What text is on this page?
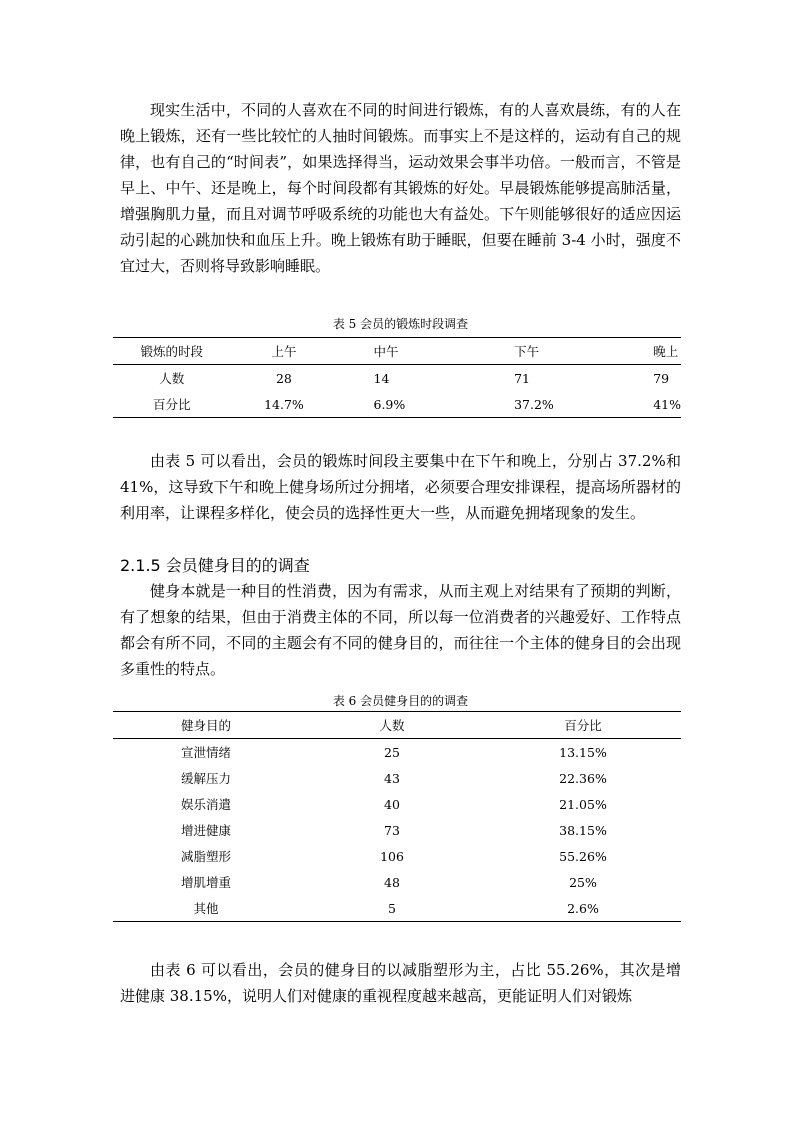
现实生活中，不同的人喜欢在不同的时间进行锻炼，有的人喜欢晨练，有的人在晚上锻炼，还有一些比较忙的人抽时间锻炼。而事实上不是这样的，运动有自己的规律，也有自己的“时间表”，如果选择得当，运动效果会事半功倍。一般而言，不管是早上、中午、还是晚上，每个时间段都有其锻炼的好处。早晨锻炼能够提高肺活量，增强胸肌力量，而且对调节呼吸系统的功能也大有益处。下午则能够很好的适应因运动引起的心跳加快和血压上升。晚上锻炼有助于睡眠，但要在睡前 3-4 小时，强度不宜过大，否则将导致影响睡眠。

表 5 会员的锻炼时段调查
锻炼的时段	上午	中午	下午	晚上
人数	28	14	71	79
百分比	14.7%	6.9%	37.2%	41%

由表 5 可以看出，会员的锻炼时间段主要集中在下午和晚上，分别占 37.2%和 41%，这导致下午和晚上健身场所过分拥堵，必须要合理安排课程，提高场所器材的利用率，让课程多样化，使会员的选择性更大一些，从而避免拥堵现象的发生。

2.1.5 会员健身目的的调查

健身本就是一种目的性消费，因为有需求，从而主观上对结果有了预期的判断，有了想象的结果，但由于消费主体的不同，所以每一位消费者的兴趣爱好、工作特点都会有所不同，不同的主题会有不同的健身目的，而往往一个主体的健身目的会出现多重性的特点。

表 6 会员健身目的的调查
健身目的	人数	百分比
宣泄情绪	25	13.15%
缓解压力	43	22.36%
娱乐消遣	40	21.05%
增进健康	73	38.15%
减脂塑形	106	55.26%
增肌增重	48	25%
其他	5	2.6%

由表 6 可以看出，会员的健身目的以减脂塑形为主，占比 55.26%，其次是增进健康 38.15%，说明人们对健康的重视程度越来越高，更能证明人们对锻炼
